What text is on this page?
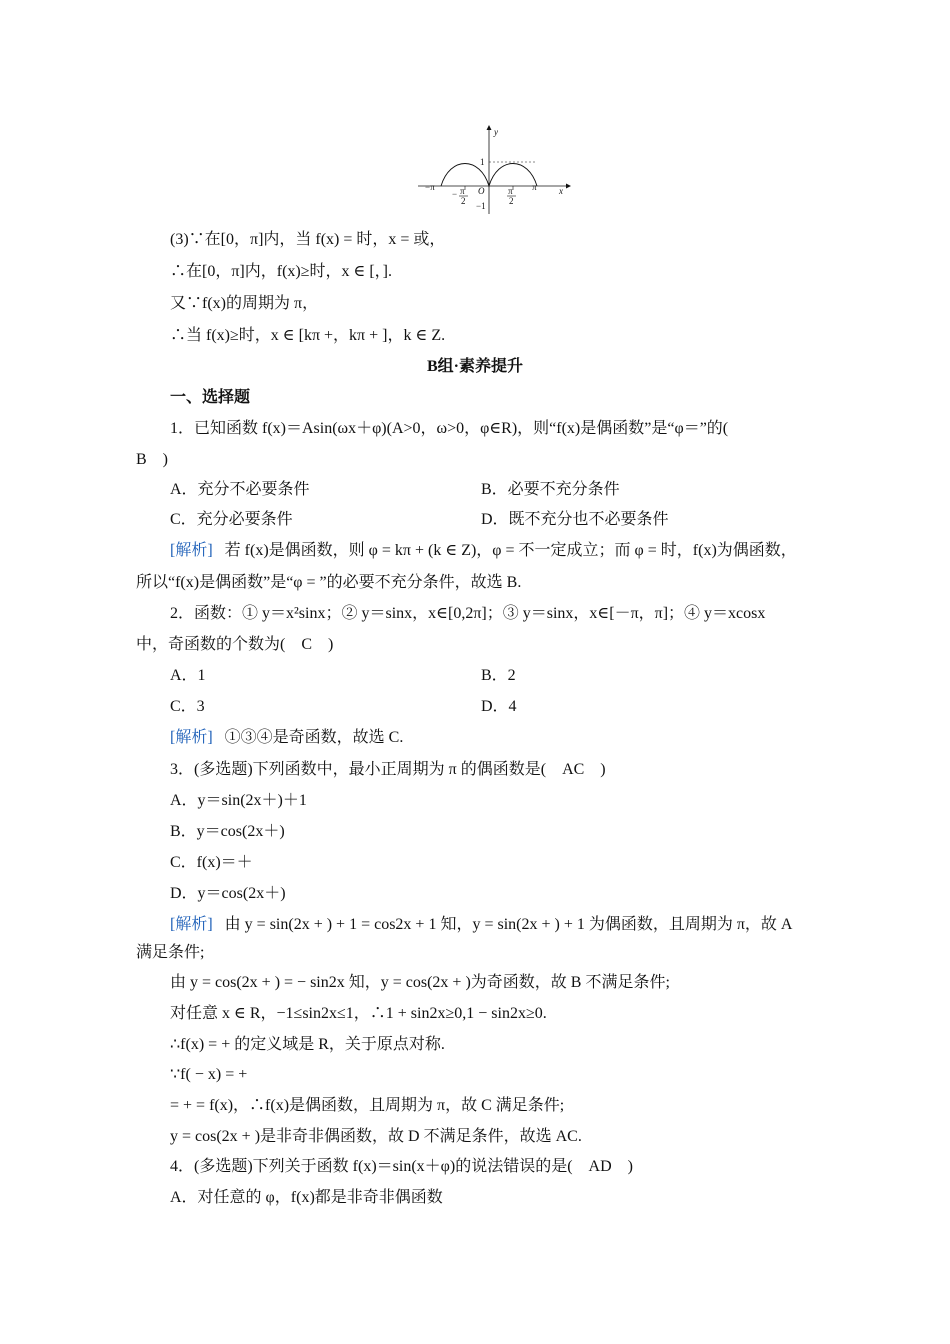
y
x
O
1
−1
−π	π
− π
2
π
2
(3)∵在[0，π]内，当 f(x) = 时，x = 或，
∴在[0，π]内，f(x)≥时，x ∈ [，].
又∵f(x)的周期为 π，
∴当 f(x)≥时，x ∈ [kπ +，kπ + ]，k ∈ Z.
B组·素养提升
一、选择题
1．已知函数 f(x)＝Asin(ωx＋φ)(A>0，ω>0，φ∈R)，则“f(x)是偶函数”是“φ＝”的(
B　)
A．充分不必要条件	B．必要不充分条件
C．充分必要条件	D．既不充分也不必要条件
[解析] 若 f(x)是偶函数，则 φ = kπ + (k ∈ Z)，φ = 不一定成立；而 φ = 时，f(x)为偶函数，
所以“f(x)是偶函数”是“φ = ”的必要不充分条件，故选 B.
2．函数：① y＝x²sinx；② y＝sinx，x∈[0,2π]；③ y＝sinx，x∈[－π，π]；④ y＝xcosx
中，奇函数的个数为(　C　)
A．1	B．2
C．3	D．4
[解析] ①③④是奇函数，故选 C.
3．(多选题)下列函数中，最小正周期为 π 的偶函数是(　AC　)
A．y＝sin(2x＋)＋1
B．y＝cos(2x＋)
C．f(x)＝＋
D．y＝cos(2x＋)
[解析] 由 y = sin(2x + ) + 1 = cos2x + 1 知，y = sin(2x + ) + 1 为偶函数，且周期为 π，故 A
满足条件;
由 y = cos(2x + ) = − sin2x 知，y = cos(2x + )为奇函数，故 B 不满足条件;
对任意 x ∈ R，−1≤sin2x≤1，∴1 + sin2x≥0,1 − sin2x≥0.
∴f(x) = + 的定义域是 R，关于原点对称.
∵f( − x) = +
= + = f(x)，∴f(x)是偶函数，且周期为 π，故 C 满足条件;
y = cos(2x + )是非奇非偶函数，故 D 不满足条件，故选 AC.
4．(多选题)下列关于函数 f(x)＝sin(x＋φ)的说法错误的是(　AD　)
A．对任意的 φ，f(x)都是非奇非偶函数
